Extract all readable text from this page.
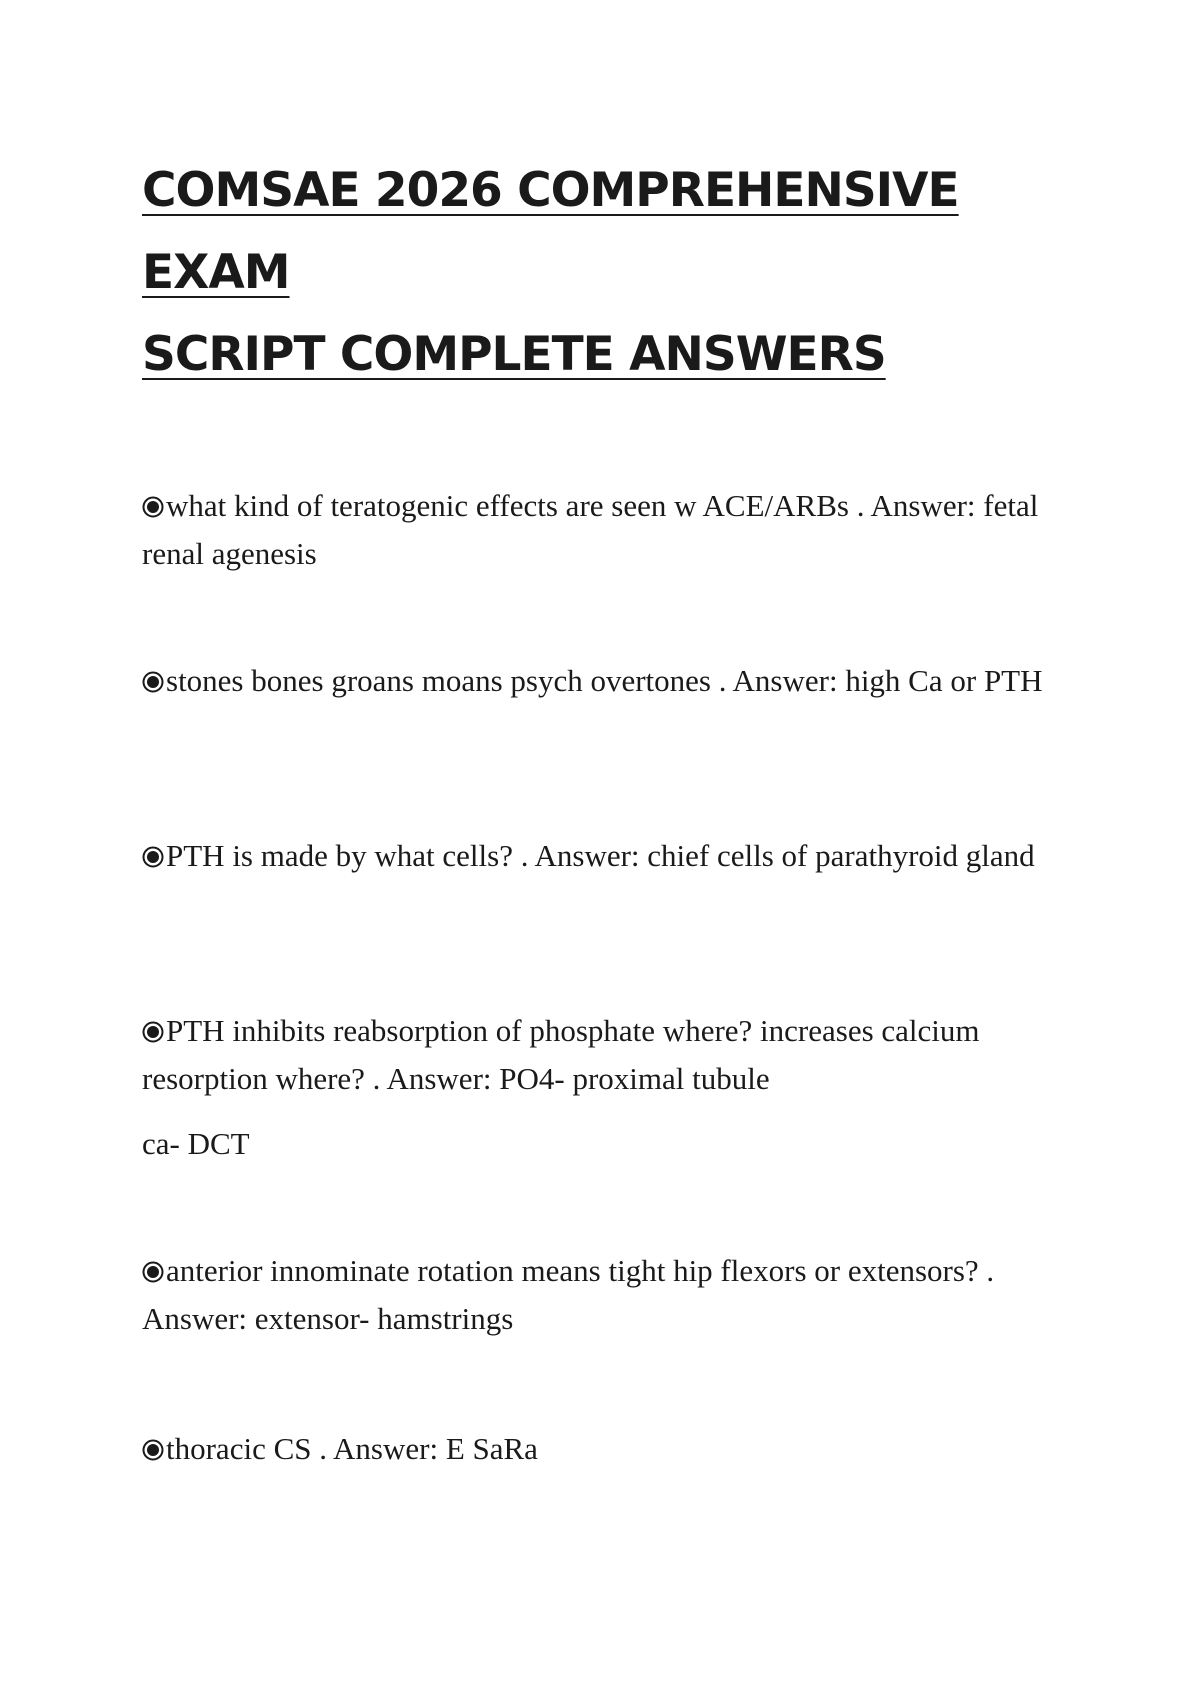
COMSAE 2026 COMPREHENSIVE EXAM
SCRIPT COMPLETE ANSWERS

what kind of teratogenic effects are seen w ACE/ARBs . Answer: fetal renal agenesis

stones bones groans moans psych overtones . Answer: high Ca or PTH

PTH is made by what cells? . Answer: chief cells of parathyroid gland

PTH inhibits reabsorption of phosphate where? increases calcium resorption where? . Answer: PO4- proximal tubule

ca- DCT

anterior innominate rotation means tight hip flexors or extensors? . Answer: extensor- hamstrings

thoracic CS . Answer: E SaRa
